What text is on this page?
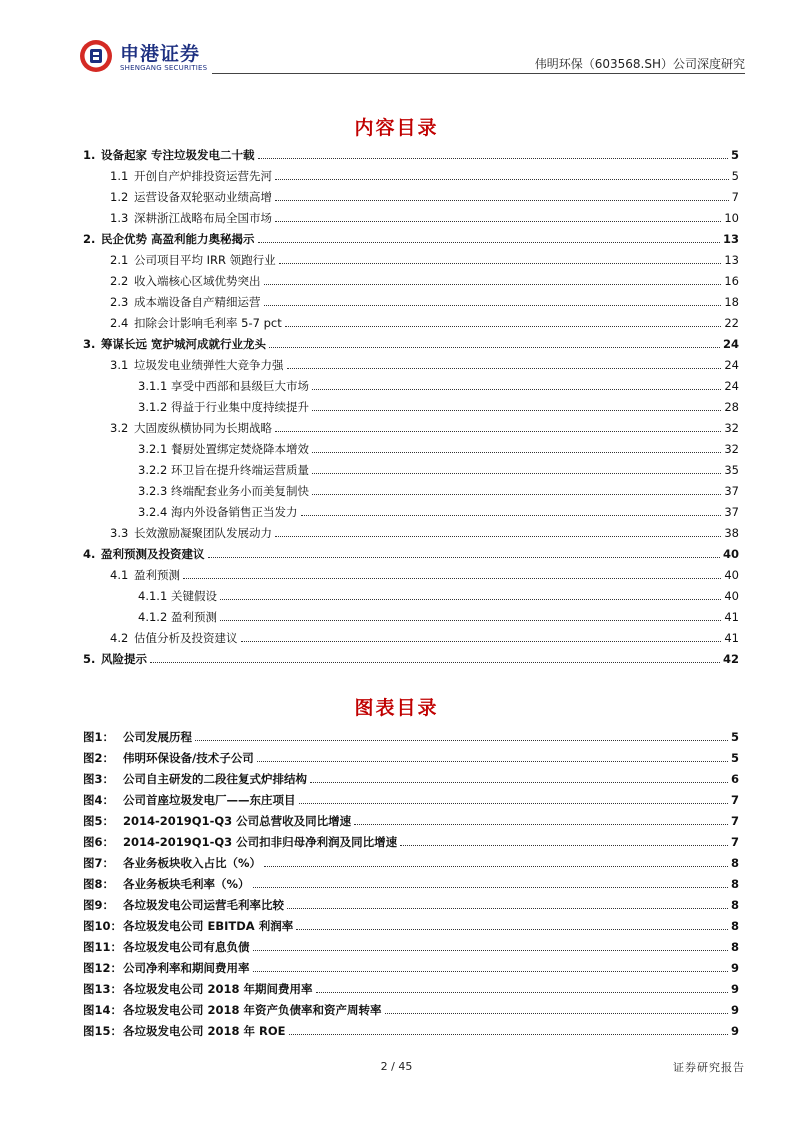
申港证券
SHENGANG SECURITIES	伟明环保（603568.SH）公司深度研究
内容目录
1. 设备起家 专注垃圾发电二十载	5
1.1 开创自产炉排投资运营先河	5
1.2 运营设备双轮驱动业绩高增	7
1.3 深耕浙江战略布局全国市场	10
2. 民企优势 高盈利能力奥秘揭示	13
2.1 公司项目平均 IRR 领跑行业	13
2.2 收入端核心区域优势突出	16
2.3 成本端设备自产精细运营	18
2.4 扣除会计影响毛利率 5-7 pct	22
3. 筹谋长远 宽护城河成就行业龙头	24
3.1 垃圾发电业绩弹性大竞争力强	24
3.1.1 享受中西部和县级巨大市场	24
3.1.2 得益于行业集中度持续提升	28
3.2 大固废纵横协同为长期战略	32
3.2.1 餐厨处置绑定焚烧降本增效	32
3.2.2 环卫旨在提升终端运营质量	35
3.2.3 终端配套业务小而美复制快	37
3.2.4 海内外设备销售正当发力	37
3.3 长效激励凝聚团队发展动力	38
4. 盈利预测及投资建议	40
4.1 盈利预测	40
4.1.1 关键假设	40
4.1.2 盈利预测	41
4.2 估值分析及投资建议	41
5. 风险提示	42
图表目录
图1： 公司发展历程	5
图2： 伟明环保设备/技术子公司	5
图3： 公司自主研发的二段往复式炉排结构	6
图4： 公司首座垃圾发电厂——东庄项目	7
图5： 2014-2019Q1-Q3 公司总营收及同比增速	7
图6： 2014-2019Q1-Q3 公司扣非归母净利润及同比增速	7
图7： 各业务板块收入占比（%）	8
图8： 各业务板块毛利率（%）	8
图9： 各垃圾发电公司运营毛利率比较	8
图10： 各垃圾发电公司 EBITDA 利润率	8
图11： 各垃圾发电公司有息负债	8
图12： 公司净利率和期间费用率	9
图13： 各垃圾发电公司 2018 年期间费用率	9
图14： 各垃圾发电公司 2018 年资产负债率和资产周转率	9
图15： 各垃圾发电公司 2018 年 ROE	9
2 / 45	证券研究报告
